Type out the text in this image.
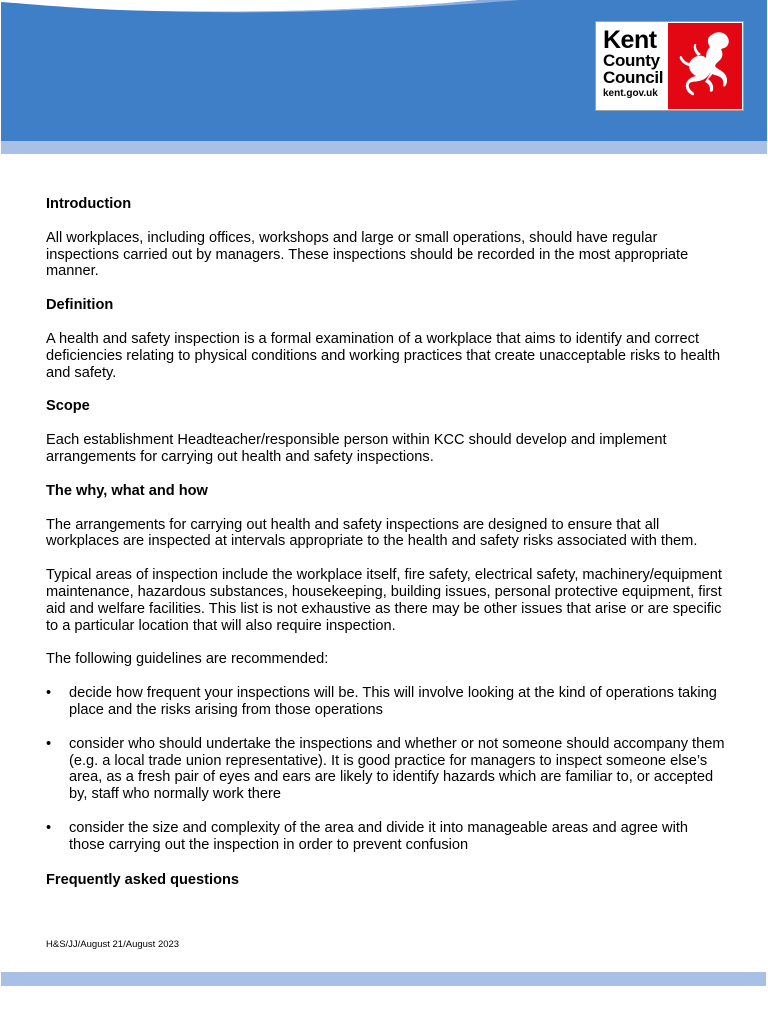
Kent
County
Council
kent.gov.uk
Introduction

All workplaces, including offices, workshops and large or small operations, should have regular inspections carried out by managers. These inspections should be recorded in the most appropriate manner.

Definition

A health and safety inspection is a formal examination of a workplace that aims to identify and correct deficiencies relating to physical conditions and working practices that create unacceptable risks to health and safety.

Scope

Each establishment Headteacher/responsible person within KCC should develop and implement arrangements for carrying out health and safety inspections.

The why, what and how

The arrangements for carrying out health and safety inspections are designed to ensure that all workplaces are inspected at intervals appropriate to the health and safety risks associated with them.

Typical areas of inspection include the workplace itself, fire safety, electrical safety, machinery/equipment maintenance, hazardous substances, housekeeping, building issues, personal protective equipment, first aid and welfare facilities. This list is not exhaustive as there may be other issues that arise or are specific to a particular location that will also require inspection.

The following guidelines are recommended:

• decide how frequent your inspections will be. This will involve looking at the kind of operations taking place and the risks arising from those operations
• consider who should undertake the inspections and whether or not someone should accompany them (e.g. a local trade union representative). It is good practice for managers to inspect someone else’s area, as a fresh pair of eyes and ears are likely to identify hazards which are familiar to, or accepted by, staff who normally work there
• consider the size and complexity of the area and divide it into manageable areas and agree with those carrying out the inspection in order to prevent confusion
Frequently asked questions
H&S/JJ/August 21/August 2023
